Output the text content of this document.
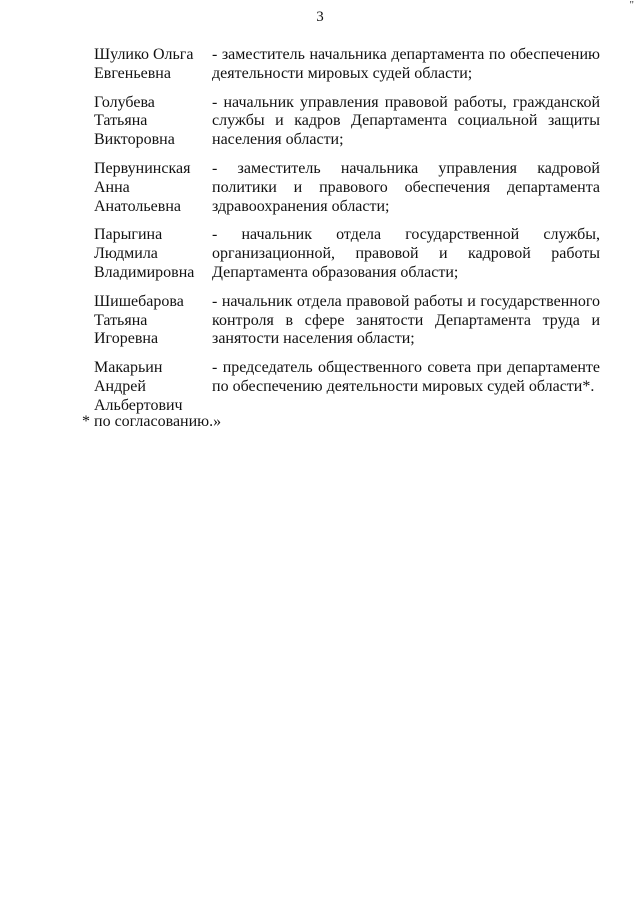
3
"
Шулико Ольга
Евгеньевна
- заместитель начальника департамента по обеспечению деятельности мировых судей области;
Голубева
Татьяна
Викторовна
- начальник управления правовой работы, гражданской службы и кадров Департамента социальной защиты населения области;
Первунинская
Анна
Анатольевна
- заместитель начальника управления кадровой политики и правового обеспечения департамента здравоохранения области;
Парыгина
Людмила
Владимировна
- начальник отдела государственной службы, организационной, правовой и кадровой работы Департамента образования области;
Шишебарова
Татьяна
Игоревна
- начальник отдела правовой работы и государственного контроля в сфере занятости Департамента труда и занятости населения области;
Макарьин
Андрей
Альбертович
- председатель общественного совета при департаменте по обеспечению деятельности мировых судей области*.
* по согласованию.»
